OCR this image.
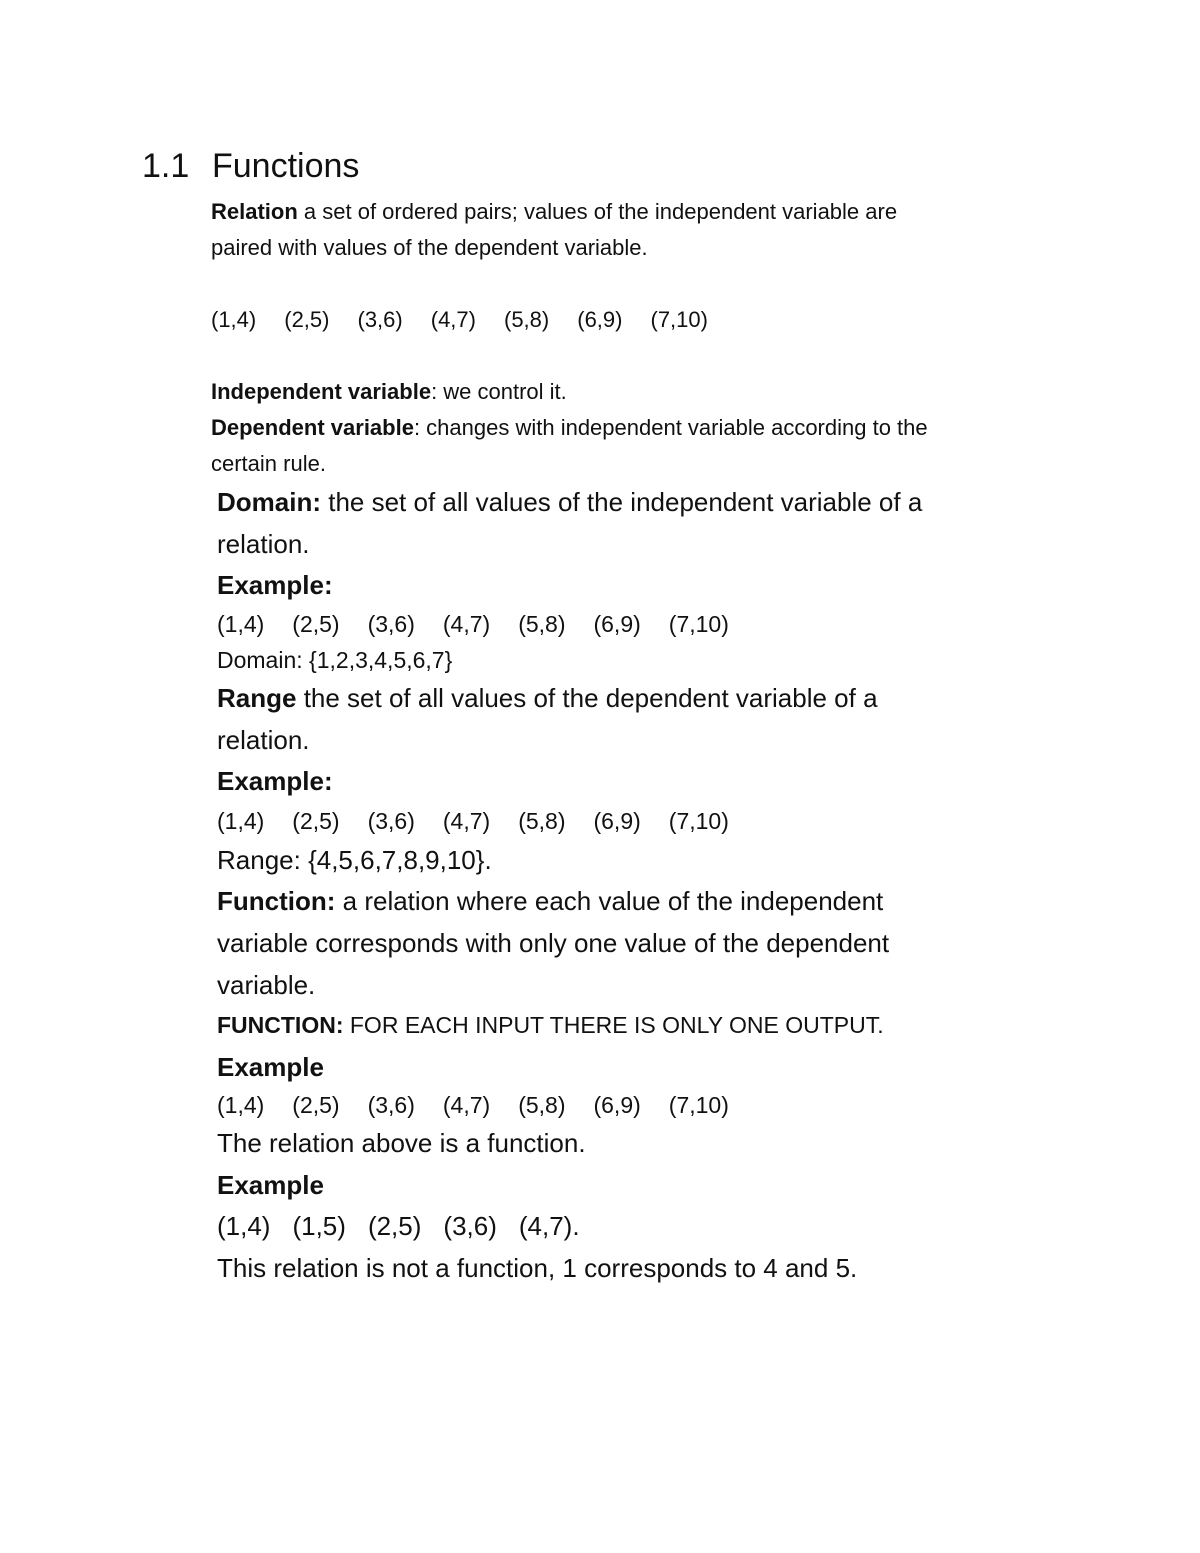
1.1 Functions
Relation a set of ordered pairs; values of the independent variable are
paired with values of the dependent variable.
(1,4) (2,5) (3,6) (4,7) (5,8) (6,9) (7,10)
Independent variable: we control it.
Dependent variable: changes with independent variable according to the
certain rule.
Domain: the set of all values of the independent variable of a
relation.
Example:
(1,4) (2,5) (3,6) (4,7) (5,8) (6,9) (7,10)
Domain: {1,2,3,4,5,6,7}
Range the set of all values of the dependent variable of a
relation.
Example:
(1,4) (2,5) (3,6) (4,7) (5,8) (6,9) (7,10)
Range: {4,5,6,7,8,9,10}.
Function: a relation where each value of the independent
variable corresponds with only one value of the dependent
variable.
FUNCTION: FOR EACH INPUT THERE IS ONLY ONE OUTPUT.
Example
(1,4) (2,5) (3,6) (4,7) (5,8) (6,9) (7,10)
The relation above is a function.
Example
(1,4) (1,5) (2,5) (3,6) (4,7).
This relation is not a function, 1 corresponds to 4 and 5.
